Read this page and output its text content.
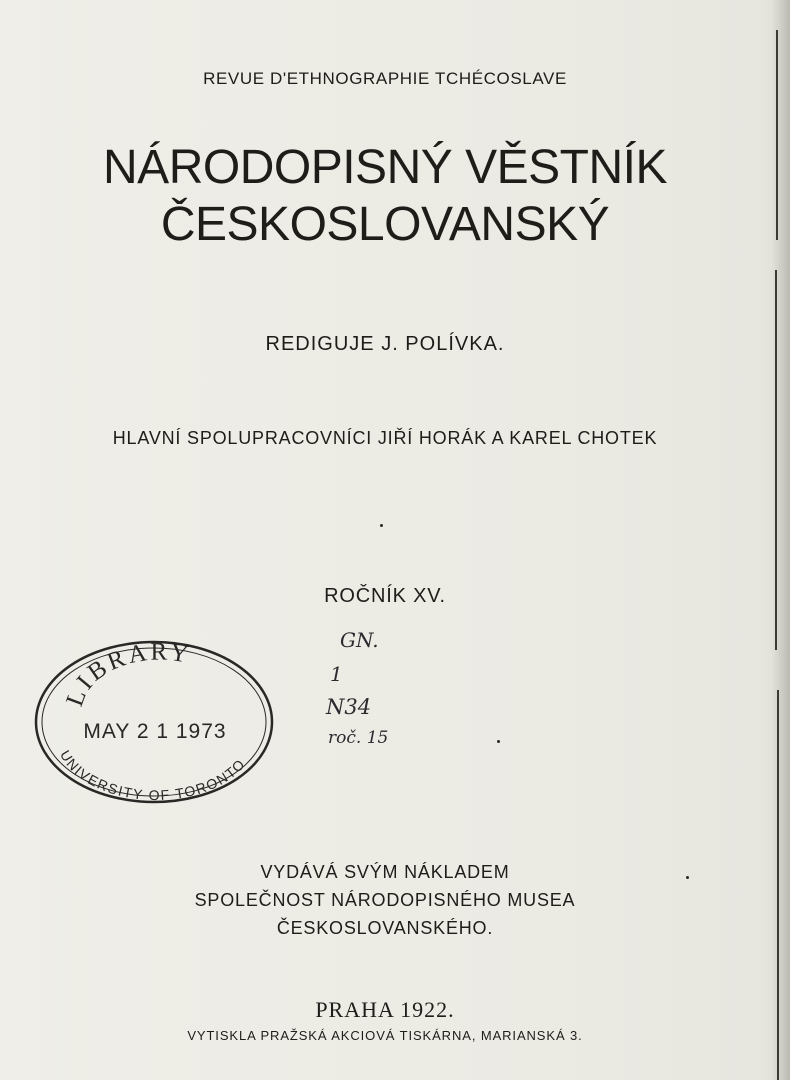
REVUE D'ETHNOGRAPHIE TCHÉCOSLAVE
NÁRODOPISNÝ VĚSTNÍK
ČESKOSLOVANSKÝ
REDIGUJE J. POLÍVKA.
HLAVNÍ SPOLUPRACOVNÍCI JIŘÍ HORÁK A KAREL CHOTEK
ROČNÍK XV.
LIBRARY
MAY 2 1 1973
UNIVERSITY OF TORONTO
GN.
1
N34
roč. 15
VYDÁVÁ SVÝM NÁKLADEM
SPOLEČNOST NÁRODOPISNÉHO MUSEA
ČESKOSLOVANSKÉHO.
PRAHA 1922.
VYTISKLA PRAŽSKÁ AKCIOVÁ TISKÁRNA, MARIANSKÁ 3.
